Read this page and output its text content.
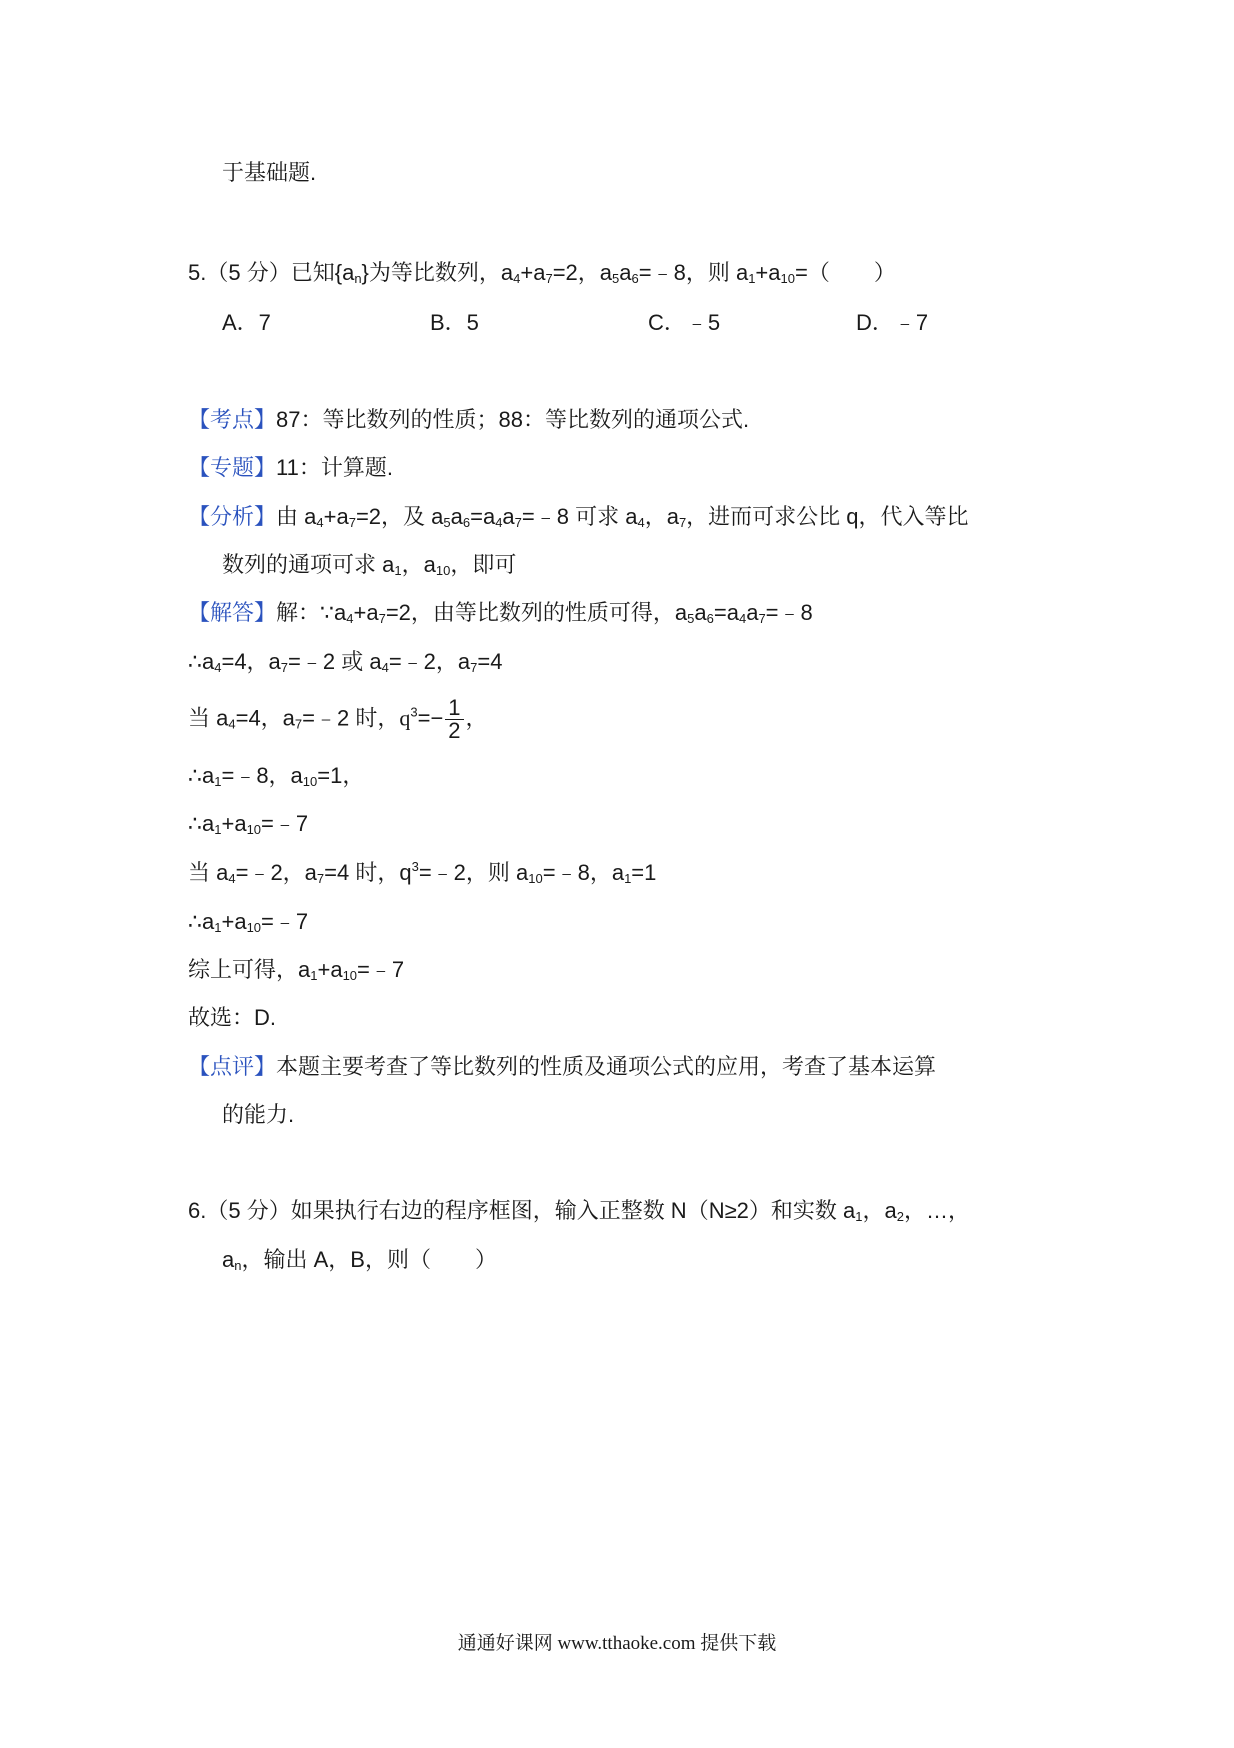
于基础题.
5.（5 分）已知$\{a_n\}$为等比数列，$a_4+a_7=2$，$a_5a_6=﹣8$，则 $a_1+a_{10}=$（　　）
A．7	B．5	C．﹣5	D．﹣7
【考点】87：等比数列的性质；88：等比数列的通项公式.
【专题】11：计算题.
【分析】由 $a_4+a_7=2$，及 $a_5a_6=a_4a_7=﹣8$ 可求 $a_4$，$a_7$，进而可求公比 q，代入等比
数列的通项可求 $a_1$，$a_{10}$，即可
【解答】解：$\because a_4+a_7=2$，由等比数列的性质可得，$a_5a_6=a_4a_7=﹣8$
$\therefore a_4=4$，$a_7=﹣2$ 或 $a_4=﹣2$，$a_7=4$
当 $a_4=4$，$a_7=﹣2$ 时，$q^3=- \frac{1}{2}$ ，
$\therefore a_1=﹣8$，$a_{10}=1$，
$\therefore a_1+a_{10}=﹣7$
当 $a_4=﹣2$，$a_7=4$ 时，$q^3=﹣2$，则 $a_{10}=﹣8$，$a_1=1$
$\therefore a_1+a_{10}=﹣7$
综上可得，$a_1+a_{10}=﹣7$
故选：D.
【点评】本题主要考查了等比数列的性质及通项公式的应用，考查了基本运算
的能力.
6.（5 分）如果执行右边的程序框图，输入正整数 N（N≥2）和实数 $a_1$，$a_2$，…，
$a_n$，输出 A，B，则（　　）
通通好课网 www.tthaoke.com 提供下载
